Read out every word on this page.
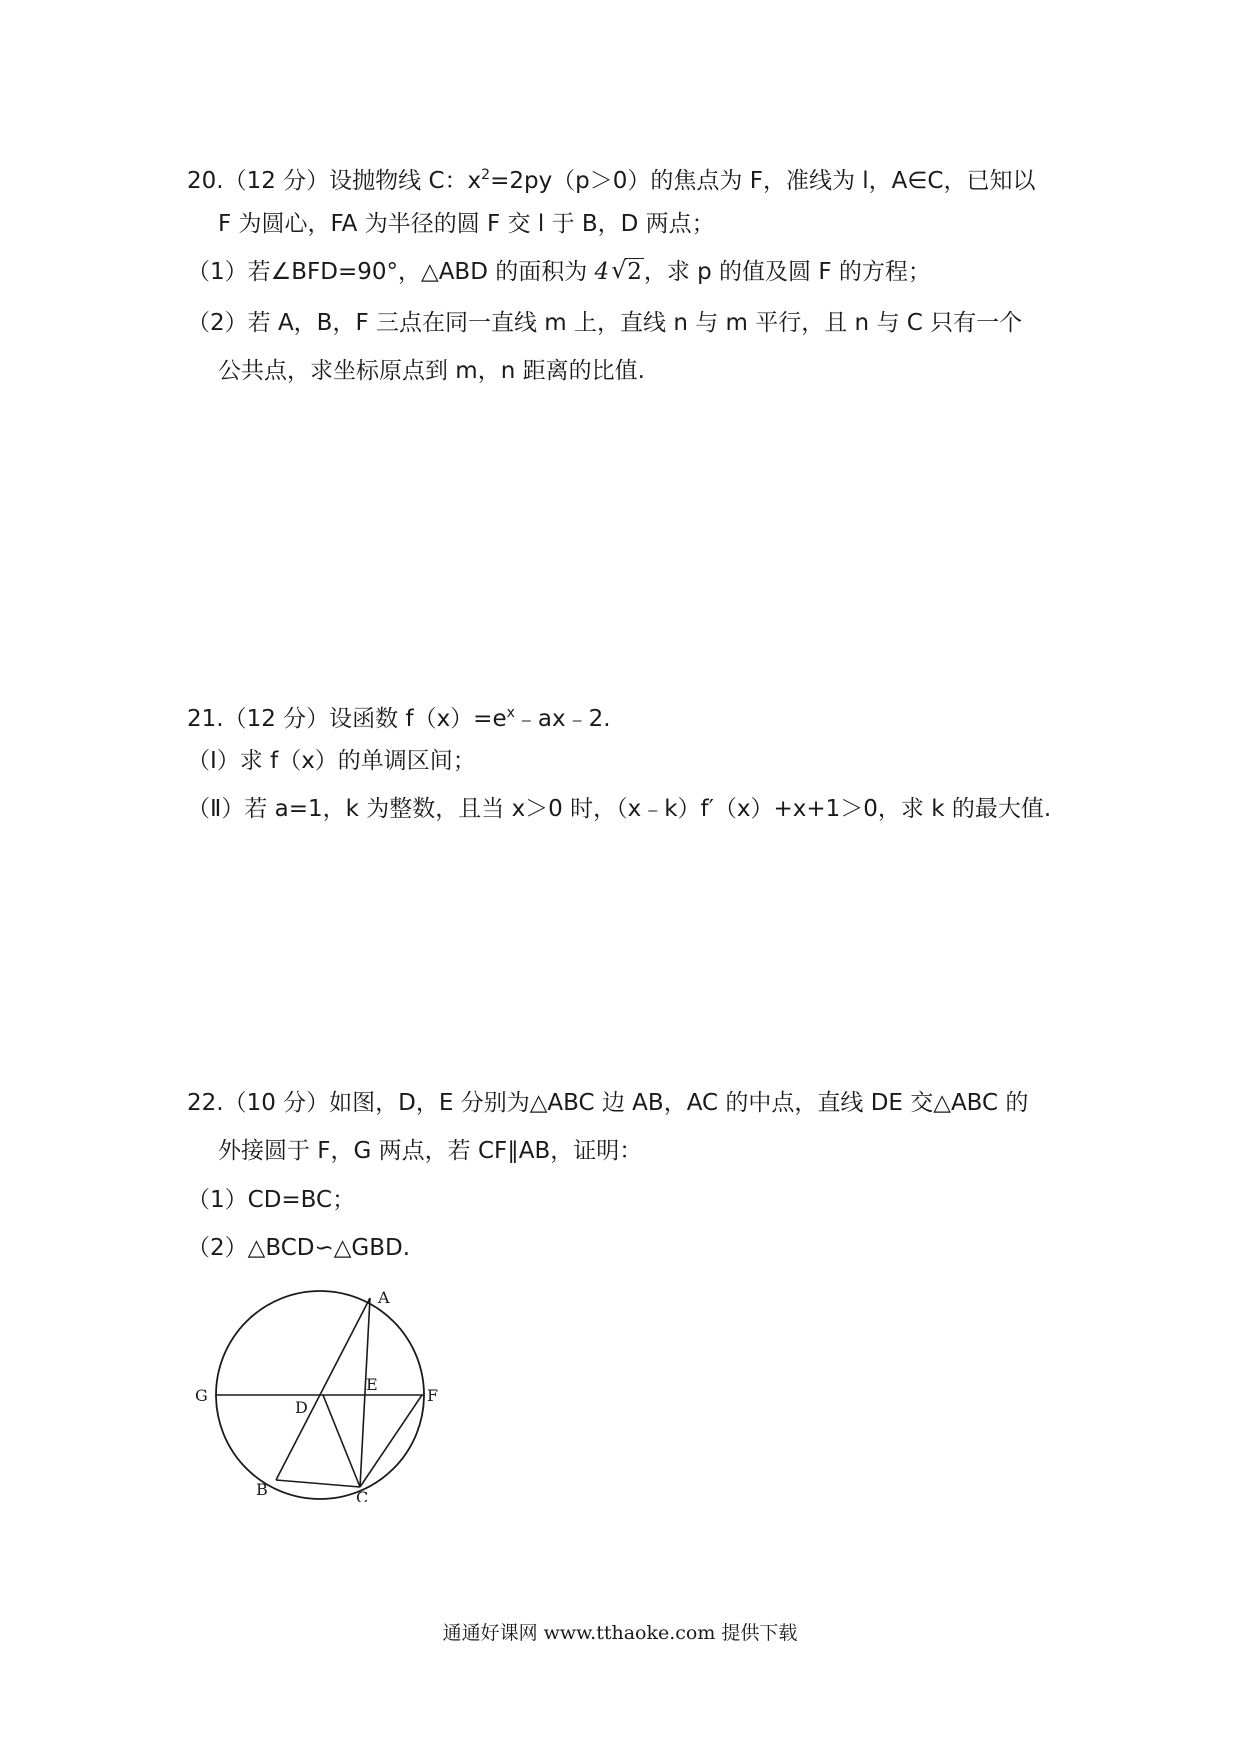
20.（12 分）设抛物线 C：$x^2=2py(p>0)$的焦点为 F，准线为 l，A∈C，已知以
F 为圆心，FA 为半径的圆 F 交 l 于 B，D 两点；
（1）若∠BFD=90°，△ABD 的面积为 4 √ 2，求 p 的值及圆 F 的方程；
（2）若 A，B，F 三点在同一直线 m 上，直线 n 与 m 平行，且 n 与 C 只有一个
公共点，求坐标原点到 m，n 距离的比值.
21.（12 分）设函数 $f(x)=e^x﹣ax﹣2$.
（Ⅰ）求 f（x）的单调区间；
（Ⅱ）若 a=1，k 为整数，且当 x＞0 时，（x﹣k）f′（x）+x+1＞0，求 k 的最大值.
22.（10 分）如图，D，E 分别为△ABC 边 AB，AC 的中点，直线 DE 交△ABC 的
外接圆于 F，G 两点，若 CF∥AB，证明：
（1）CD=BC；
（2）△BCD∽△GBD.
A
B	C
D
E
F
G
通通好课网 www.tthaoke.com 提供下载
